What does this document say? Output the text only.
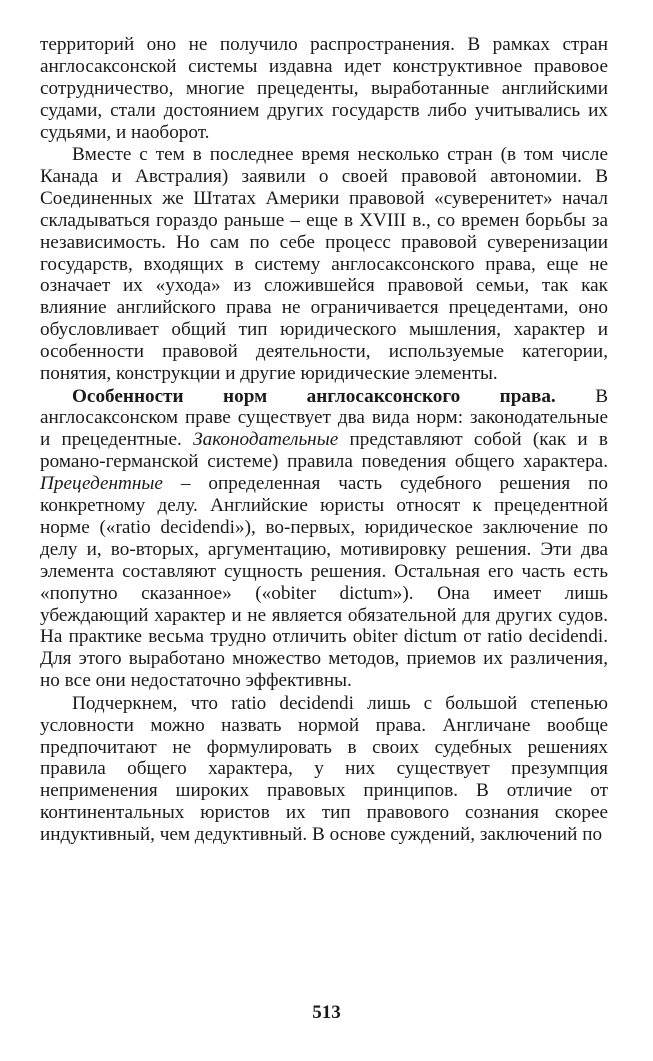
территорий оно не получило распространения. В рамках стран англосаксонской системы издавна идет конструктивное правовое сотрудничество, многие прецеденты, выработанные английскими судами, стали достоянием других государств либо учитывались их судьями, и наоборот.

Вместе с тем в последнее время несколько стран (в том числе Канада и Австралия) заявили о своей правовой автономии. В Соединенных же Штатах Америки правовой «суверенитет» начал складываться гораздо раньше – еще в XVIII в., со времен борьбы за независимость. Но сам по себе процесс правовой суверенизации государств, входящих в систему англосаксонского права, еще не означает их «ухода» из сложившейся правовой семьи, так как влияние английского права не ограничивается прецедентами, оно обусловливает общий тип юридического мышления, характер и особенности правовой деятельности, используемые категории, понятия, конструкции и другие юридические элементы.

Особенности норм англосаксонского права. В англосаксонском праве существует два вида норм: законодательные и прецедентные. Законодательные представляют собой (как и в романо-германской системе) правила поведения общего характера. Прецедентные – определенная часть судебного решения по конкретному делу. Английские юристы относят к прецедентной норме («ratio decidendi»), во-первых, юридическое заключение по делу и, во-вторых, аргументацию, мотивировку решения. Эти два элемента составляют сущность решения. Остальная его часть есть «попутно сказанное» («obiter dictum»). Она имеет лишь убеждающий характер и не является обязательной для других судов. На практике весьма трудно отличить obiter dictum от ratio decidendi. Для этого выработано множество методов, приемов их различения, но все они недостаточно эффективны.

Подчеркнем, что ratio decidendi лишь с большой степенью условности можно назвать нормой права. Англичане вообще предпочитают не формулировать в своих судебных решениях правила общего характера, у них существует презумпция неприменения широких правовых принципов. В отличие от континентальных юристов их тип правового сознания скорее индуктивный, чем дедуктивный. В основе суждений, заключений по

513
